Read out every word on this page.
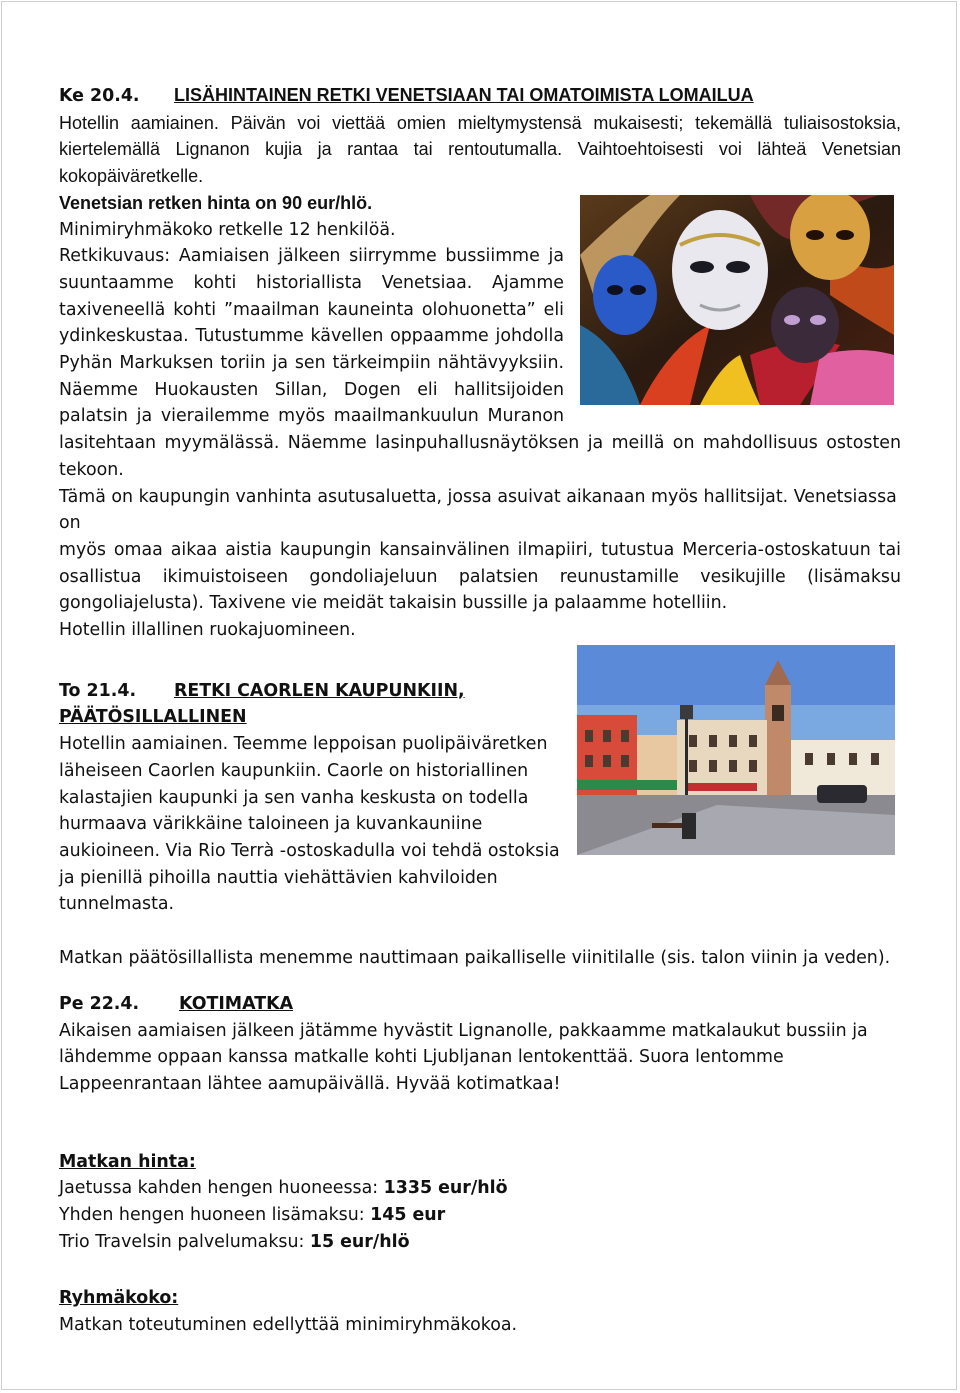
Ke 20.4. LISÄHINTAINEN RETKI VENETSIAAN TAI OMATOIMISTA LOMAILUA

Hotellin aamiainen. Päivän voi viettää omien mieltymystensä mukaisesti; tekemällä tuliaisostoksia,

kiertelemällä Lignanon kujia ja rantaa tai rentoutumalla. Vaihtoehtoisesti voi lähteä Venetsian

kokopäiväretkelle.

Venetsian retken hinta on 90 eur/hlö.

Minimiryhmäkoko retkelle 12 henkilöä.

Retkikuvaus: Aamiaisen jälkeen siirrymme bussiimme ja

suuntaamme kohti historiallista Venetsiaa. Ajamme

taxiveneellä kohti ”maailman kauneinta olohuonetta” eli

ydinkeskustaa. Tutustumme kävellen oppaamme johdolla

Pyhän Markuksen toriin ja sen tärkeimpiin nähtävyyksiin.

Näemme Huokausten Sillan, Dogen eli hallitsijoiden

palatsin ja vierailemme myös maailmankuulun Muranon

lasitehtaan myymälässä. Näemme lasinpuhallusnäytöksen ja meillä on mahdollisuus ostosten

tekoon.

Tämä on kaupungin vanhinta asutusaluetta, jossa asuivat aikanaan myös hallitsijat. Venetsiassa on

myös omaa aikaa aistia kaupungin kansainvälinen ilmapiiri, tutustua Merceria-ostoskatuun tai

osallistua ikimuistoiseen gondoliajeluun palatsien reunustamille vesikujille (lisämaksu

gongoliajelusta). Taxivene vie meidät takaisin bussille ja palaamme hotelliin.

Hotellin illallinen ruokajuomineen.

To 21.4. RETKI CAORLEN KAUPUNKIIN,

PÄÄTÖSILLALLINEN

Hotellin aamiainen. Teemme leppoisan puolipäiväretken

läheiseen Caorlen kaupunkiin. Caorle on historiallinen

kalastajien kaupunki ja sen vanha keskusta on todella

hurmaava värikkäine taloineen ja kuvankauniine

aukioineen. Via Rio Terrà -ostoskadulla voi tehdä ostoksia

ja pienillä pihoilla nauttia viehättävien kahviloiden

tunnelmasta.

Matkan päätösillallista menemme nauttimaan paikalliselle viinitilalle (sis. talon viinin ja veden).

Pe 22.4. KOTIMATKA

Aikaisen aamiaisen jälkeen jätämme hyvästit Lignanolle, pakkaamme matkalaukut bussiin ja

lähdemme oppaan kanssa matkalle kohti Ljubljanan lentokenttää. Suora lentomme

Lappeenrantaan lähtee aamupäivällä. Hyvää kotimatkaa!

Matkan hinta:

Jaetussa kahden hengen huoneessa: 1335 eur/hlö

Yhden hengen huoneen lisämaksu: 145 eur

Trio Travelsin palvelumaksu: 15 eur/hlö

Ryhmäkoko:

Matkan toteutuminen edellyttää minimiryhmäkokoa.
